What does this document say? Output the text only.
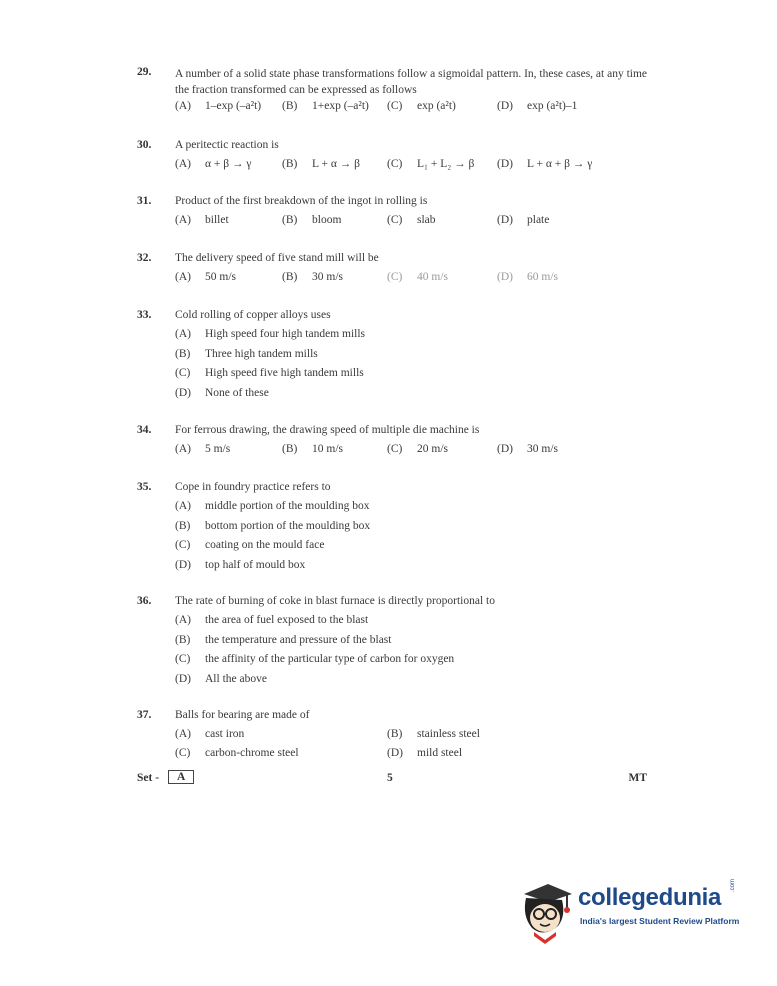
29.	A number of a solid state phase transformations follow a sigmoidal pattern. In, these cases, at any time the fraction transformed can be expressed as follows
(A) 1–exp (–a²t) (B) 1+exp (–a²t) (C) exp (a²t)	(D) exp (a²t)–1
30.	A peritectic reaction is
(A) α + β → γ	(B) L + α → β (C) L₁ + L₂ → β (D) L + α + β → γ
31.	Product of the first breakdown of the ingot in rolling is
(A) billet	(B) bloom	(C) slab	(D) plate
32.	The delivery speed of five stand mill will be
(A) 50 m/s	(B) 30 m/s	(C) 40 m/s	(D) 60 m/s
33.	Cold rolling of copper alloys uses
(A) High speed four high tandem mills
(B) Three high tandem mills
(C) High speed five high tandem mills
(D) None of these
34.	For ferrous drawing, the drawing speed of multiple die machine is
(A) 5 m/s	(B) 10 m/s	(C) 20 m/s	(D) 30 m/s
35.	Cope in foundry practice refers to
(A) middle portion of the moulding box
(B) bottom portion of the moulding box
(C) coating on the mould face
(D) top half of mould box
36.	The rate of burning of coke in blast furnace is directly proportional to
(A) the area of fuel exposed to the blast
(B) the temperature and pressure of the blast
(C) the affinity of the particular type of carbon for oxygen
(D) All the above
37.	Balls for bearing are made of
(A) cast iron	(B) stainless steel
(C) carbon-chrome steel	(D) mild steel
Set -	A	5	MT
collegedunia .com
India's largest Student Review Platform
